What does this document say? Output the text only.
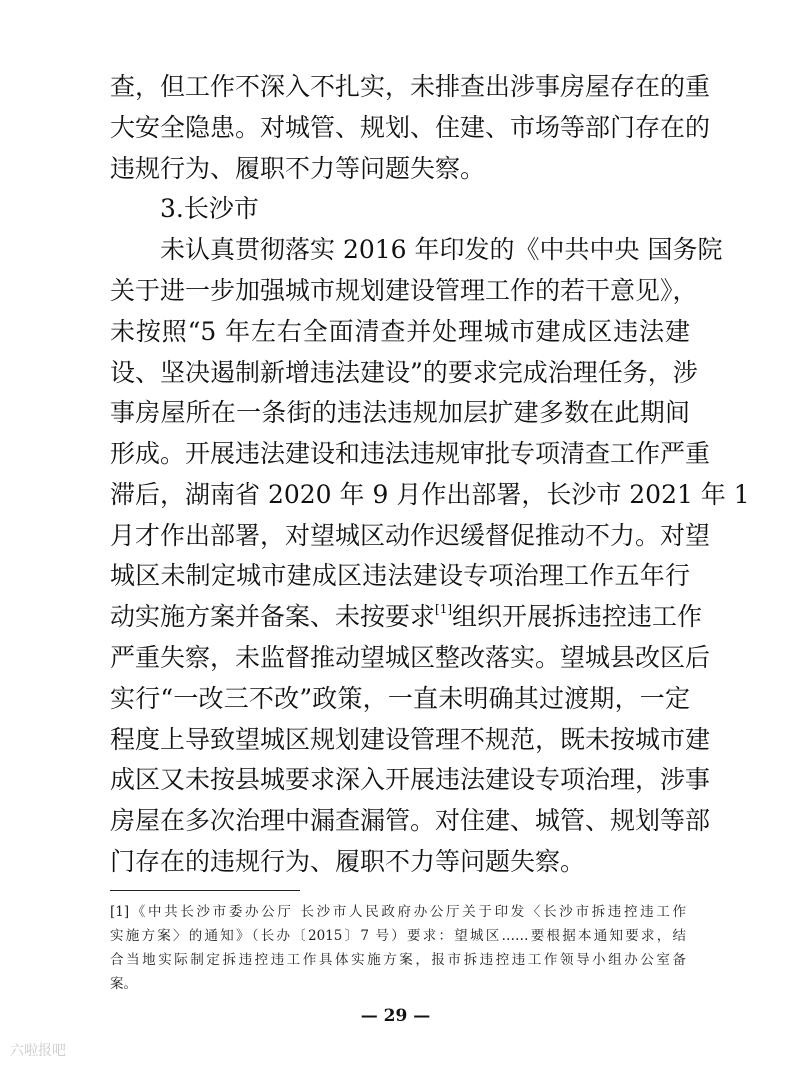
查，但工作不深入不扎实，未排查出涉事房屋存在的重
大安全隐患。对城管、规划、住建、市场等部门存在的
违规行为、履职不力等问题失察。
3.长沙市
未认真贯彻落实 2016 年印发的《中共中央 国务院
关于进一步加强城市规划建设管理工作的若干意见》，
未按照“5 年左右全面清查并处理城市建成区违法建
设、坚决遏制新增违法建设”的要求完成治理任务，涉
事房屋所在一条街的违法违规加层扩建多数在此期间
形成。开展违法建设和违法违规审批专项清查工作严重
滞后，湖南省 2020 年 9 月作出部署，长沙市 2021 年 1
月才作出部署，对望城区动作迟缓督促推动不力。对望
城区未制定城市建成区违法建设专项治理工作五年行
动实施方案并备案、未按要求[1]组织开展拆违控违工作
严重失察，未监督推动望城区整改落实。望城县改区后
实行“一改三不改”政策，一直未明确其过渡期，一定
程度上导致望城区规划建设管理不规范，既未按城市建
成区又未按县城要求深入开展违法建设专项治理，涉事
房屋在多次治理中漏查漏管。对住建、城管、规划等部
[1]《中共长沙市委办公厅 长沙市人民政府办公厅关于印发〈长沙市拆违控违工作
实施方案〉的通知》（长办〔2015〕7 号）要求：望城区……要根据本通知要求，结
合当地实际制定拆违控违工作具体实施方案，报市拆违控违工作领导小组办公室备
案。
— 29 —
六啦报吧
门存在的违规行为、履职不力等问题失察。
